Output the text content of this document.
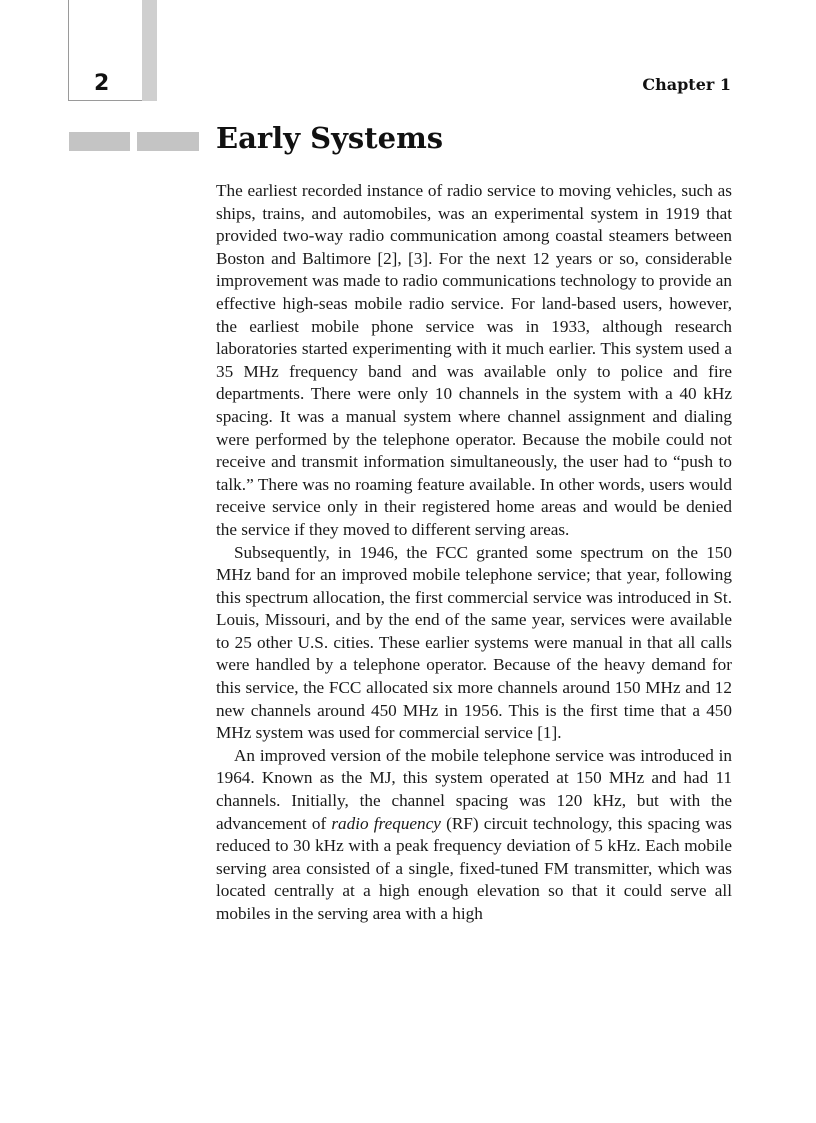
2	Chapter 1
Early Systems

The earliest recorded instance of radio service to moving vehicles, such as ships, trains, and automobiles, was an experimental system in 1919 that provided two-way radio communication among coastal steamers between Boston and Baltimore [2], [3]. For the next 12 years or so, considerable improvement was made to radio communications technology to provide an effective high-seas mobile radio service. For land-based users, however, the earliest mobile phone service was in 1933, although research laboratories started experimenting with it much earlier. This system used a 35 MHz frequency band and was available only to police and fire departments. There were only 10 channels in the system with a 40 kHz spacing. It was a manual system where channel assignment and dialing were performed by the telephone operator. Because the mobile could not receive and transmit information simultaneously, the user had to “push to talk.” There was no roaming feature available. In other words, users would receive service only in their registered home areas and would be denied the service if they moved to different serving areas.

Subsequently, in 1946, the FCC granted some spectrum on the 150 MHz band for an improved mobile telephone service; that year, following this spectrum allocation, the first commercial service was introduced in St. Louis, Missouri, and by the end of the same year, services were available to 25 other U.S. cities. These earlier systems were manual in that all calls were handled by a telephone operator. Because of the heavy demand for this service, the FCC allocated six more channels around 150 MHz and 12 new channels around 450 MHz in 1956. This is the first time that a 450 MHz system was used for commercial service [1].

An improved version of the mobile telephone service was introduced in 1964. Known as the MJ, this system operated at 150 MHz and had 11 channels. Initially, the channel spacing was 120 kHz, but with the advancement of radio frequency (RF) circuit technology, this spacing was reduced to 30 kHz with a peak frequency deviation of 5 kHz. Each mobile serving area consisted of a single, fixed-tuned FM transmitter, which was located centrally at a high enough elevation so that it could serve all mobiles in the serving area with a high
